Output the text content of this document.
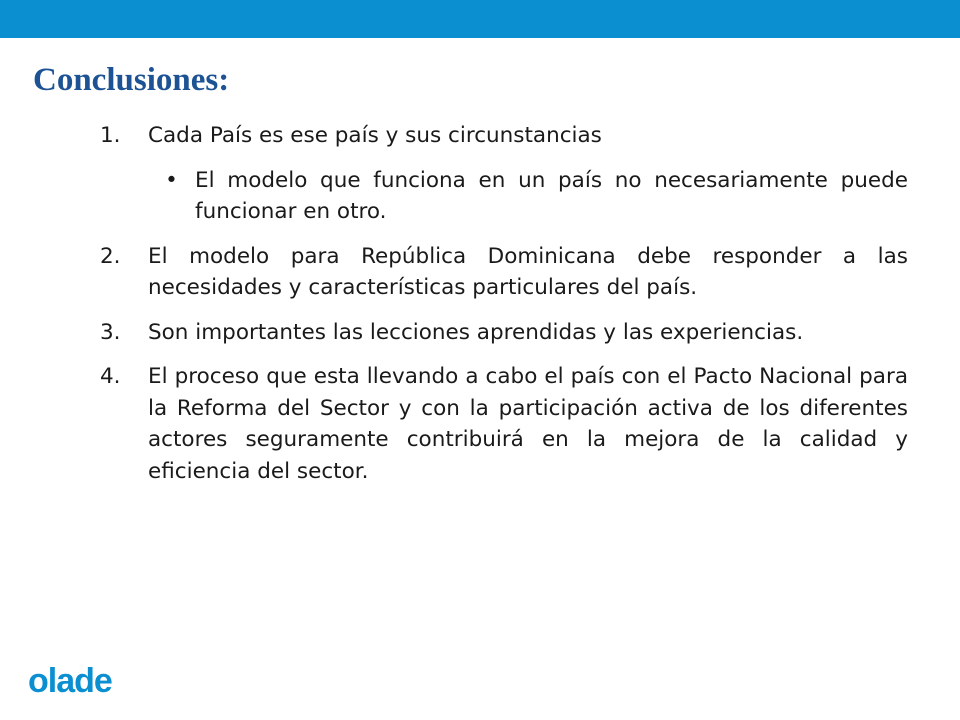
Conclusiones:
1.	Cada País es ese país y sus circunstancias
• El modelo que funciona en un país no necesariamente puede funcionar en otro.
2.	El modelo para República Dominicana debe responder a las necesidades y características particulares del país.
3.	Son importantes las lecciones aprendidas y las experiencias.
4.	El proceso que esta llevando a cabo el país con el Pacto Nacional para la Reforma del Sector y con la participación activa de los diferentes actores seguramente contribuirá en la mejora de la calidad y eficiencia del sector.
olade
